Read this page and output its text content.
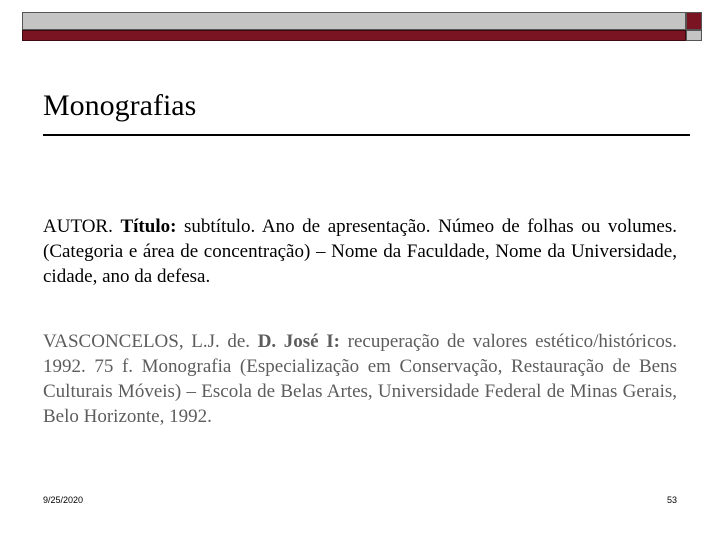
Monografias

AUTOR. Título: subtítulo. Ano de apresentação. Númeo de folhas ou volumes. (Categoria e área de concentração) – Nome da Faculdade, Nome da Universidade, cidade, ano da defesa.

VASCONCELOS, L.J. de. D. José I: recuperação de valores estético/históricos. 1992. 75 f. Monografia (Especialização em Conservação, Restauração de Bens Culturais Móveis) – Escola de Belas Artes, Universidade Federal de Minas Gerais, Belo Horizonte, 1992.

9/25/2020	53
